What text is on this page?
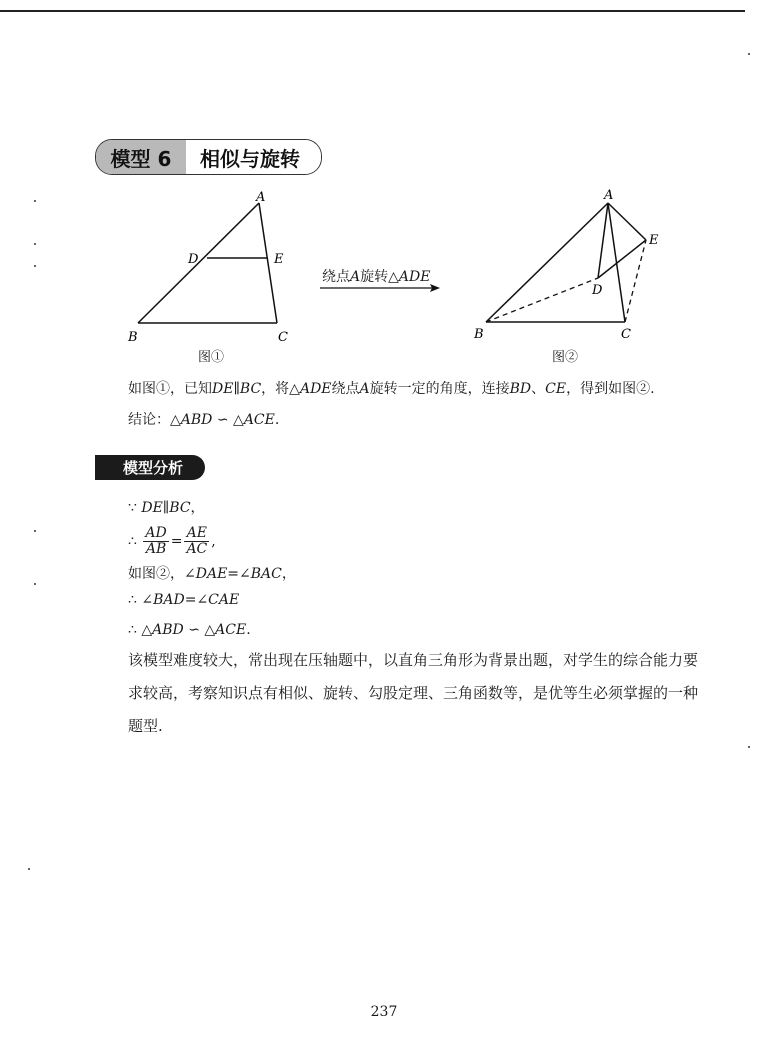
模型 6	相似与旋转
A
B	C
D	E
图①
绕点A旋转△ADE
A
B	C
D
E
图②
如图①，已知DE∥BC，将△ADE绕点A旋转一定的角度，连接BD、CE，得到如图②.
结论：△ABD ∽ △ACE.
模型分析
∵ DE∥BC，
∴ $\frac{AD}{AB} = \frac{AE}{AC}$ ,
如图②，∠DAE=∠BAC，
∴ ∠BAD=∠CAE
∴ △ABD ∽ △ACE.
该模型难度较大，常出现在压轴题中，以直角三角形为背景出题，对学生的综合能力要求较高，考察知识点有相似、旋转、勾股定理、三角函数等，是优等生必须掌握的一种题型.
237
